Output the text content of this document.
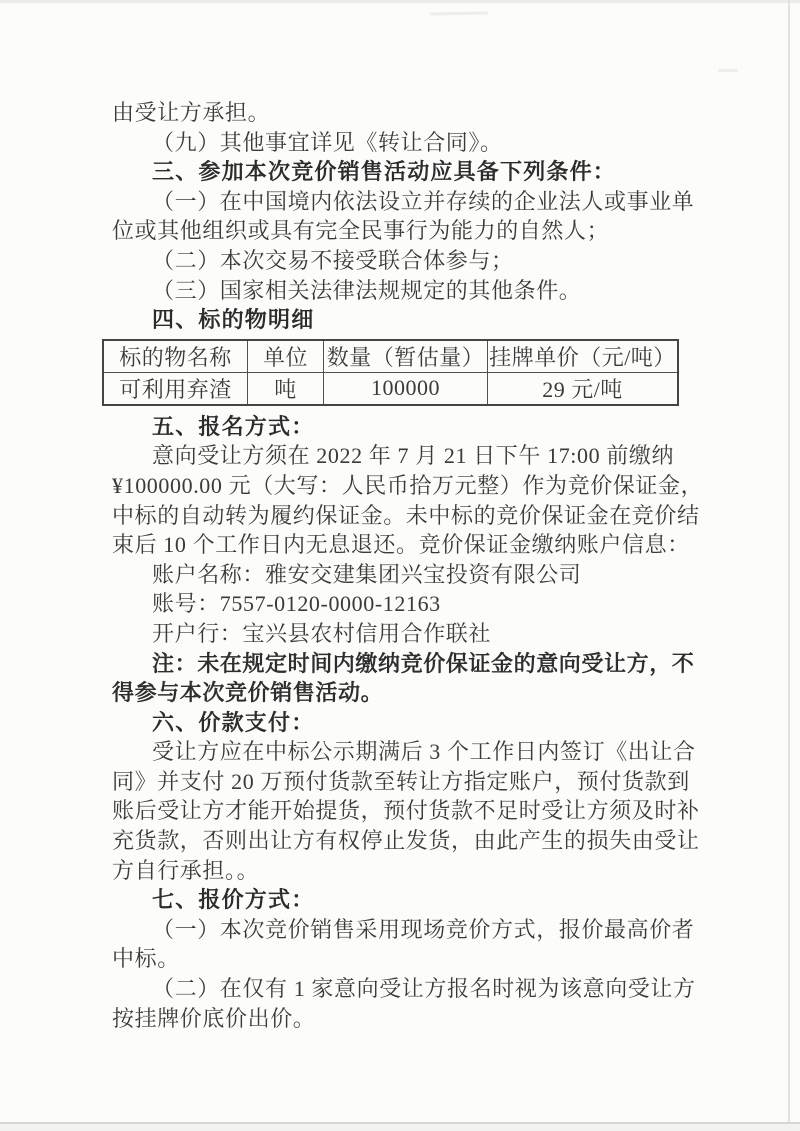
由受让方承担。
（九）其他事宜详见《转让合同》。
三、参加本次竞价销售活动应具备下列条件：
（一）在中国境内依法设立并存续的企业法人或事业单
位或其他组织或具有完全民事行为能力的自然人；
（二）本次交易不接受联合体参与；
（三）国家相关法律法规规定的其他条件。
四、标的物明细
标的物名称	单位	数量（暂估量）	挂牌单价（元/吨）
可利用弃渣	吨	100000	29 元/吨
五、报名方式：
意向受让方须在 2022 年 7 月 21 日下午 17:00 前缴纳
¥100000.00 元（大写：人民币拾万元整）作为竞价保证金，
中标的自动转为履约保证金。未中标的竞价保证金在竞价结
束后 10 个工作日内无息退还。竞价保证金缴纳账户信息：
账户名称：雅安交建集团兴宝投资有限公司
账号：7557-0120-0000-12163
开户行：宝兴县农村信用合作联社
注：未在规定时间内缴纳竞价保证金的意向受让方，不
得参与本次竞价销售活动。
六、价款支付：
受让方应在中标公示期满后 3 个工作日内签订《出让合
同》并支付 20 万预付货款至转让方指定账户，预付货款到
账后受让方才能开始提货，预付货款不足时受让方须及时补
充货款，否则出让方有权停止发货，由此产生的损失由受让
方自行承担。。
七、报价方式：
（一）本次竞价销售采用现场竞价方式，报价最高价者
中标。
（二）在仅有 1 家意向受让方报名时视为该意向受让方
按挂牌价底价出价。
